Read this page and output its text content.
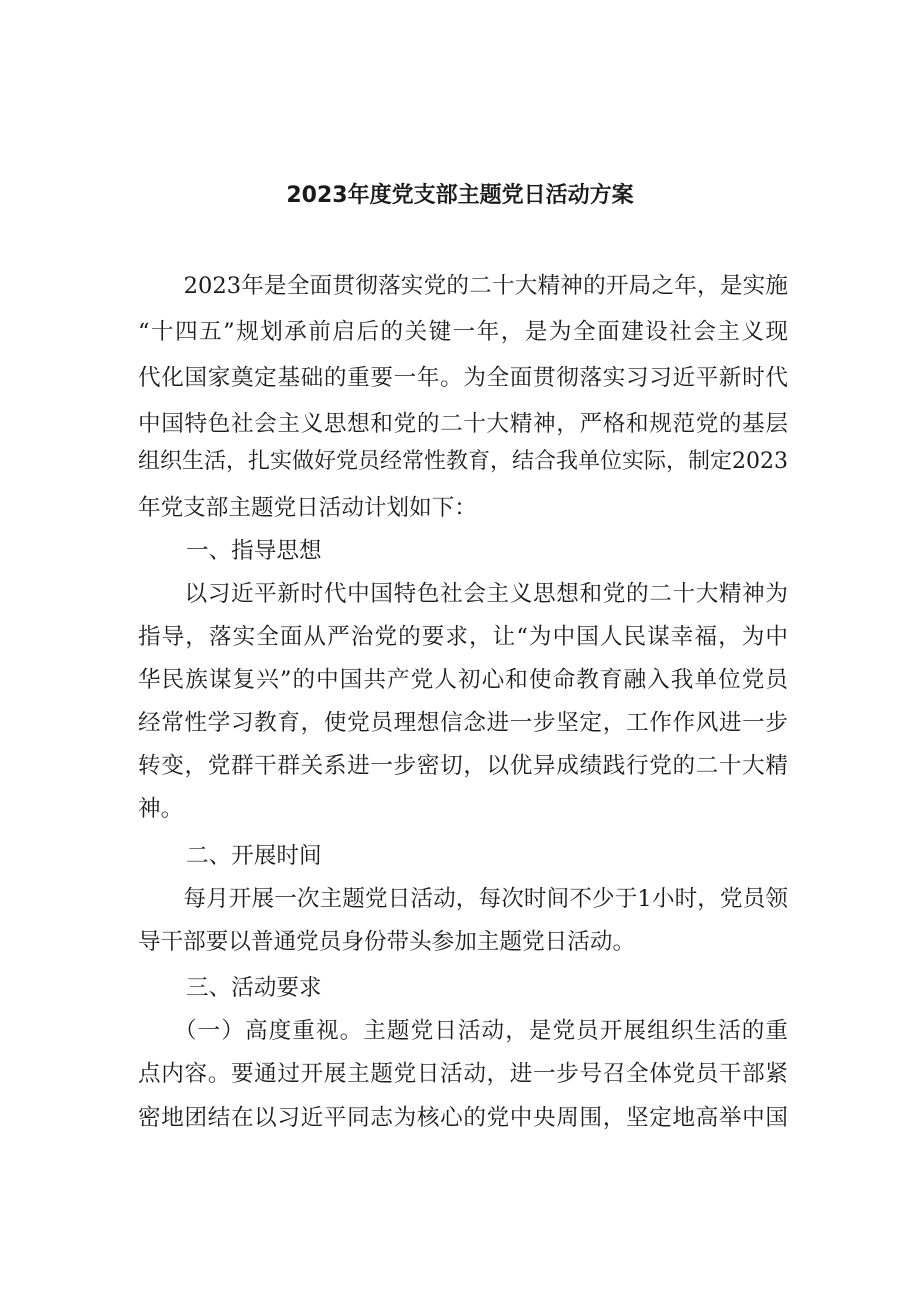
2023年度党支部主题党日活动方案
　　2023年是全面贯彻落实党的二十大精神的开局之年，是实施
“十四五”规划承前启后的关键一年，是为全面建设社会主义现
代化国家奠定基础的重要一年。为全面贯彻落实习习近平新时代
中国特色社会主义思想和党的二十大精神，严格和规范党的基层
组织生活，扎实做好党员经常性教育，结合我单位实际，制定2023
年党支部主题党日活动计划如下：
一、指导思想
　　以习近平新时代中国特色社会主义思想和党的二十大精神为
指导，落实全面从严治党的要求，让“为中国人民谋幸福，为中
华民族谋复兴”的中国共产党人初心和使命教育融入我单位党员
经常性学习教育，使党员理想信念进一步坚定，工作作风进一步
转变，党群干群关系进一步密切，以优异成绩践行党的二十大精
神。
二、开展时间
　　每月开展一次主题党日活动，每次时间不少于1小时，党员领
导干部要以普通党员身份带头参加主题党日活动。
三、活动要求
　　（一）高度重视。主题党日活动，是党员开展组织生活的重
点内容。要通过开展主题党日活动，进一步号召全体党员干部紧
密地团结在以习近平同志为核心的党中央周围，坚定地高举中国
